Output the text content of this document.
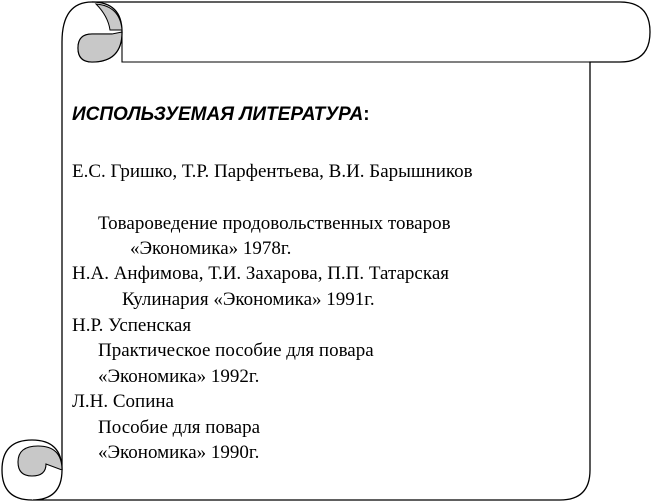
ИСПОЛЬЗУЕМАЯ ЛИТЕРАТУРА:
Е.С. Гришко, Т.Р. Парфентьева, В.И. Барышников
Товароведение продовольственных товаров
«Экономика» 1978г.
Н.А. Анфимова, Т.И. Захарова, П.П. Татарская
Кулинария «Экономика» 1991г.
Н.Р. Успенская
Практическое пособие для повара
«Экономика» 1992г.
Л.Н. Сопина
Пособие для повара
«Экономика» 1990г.
